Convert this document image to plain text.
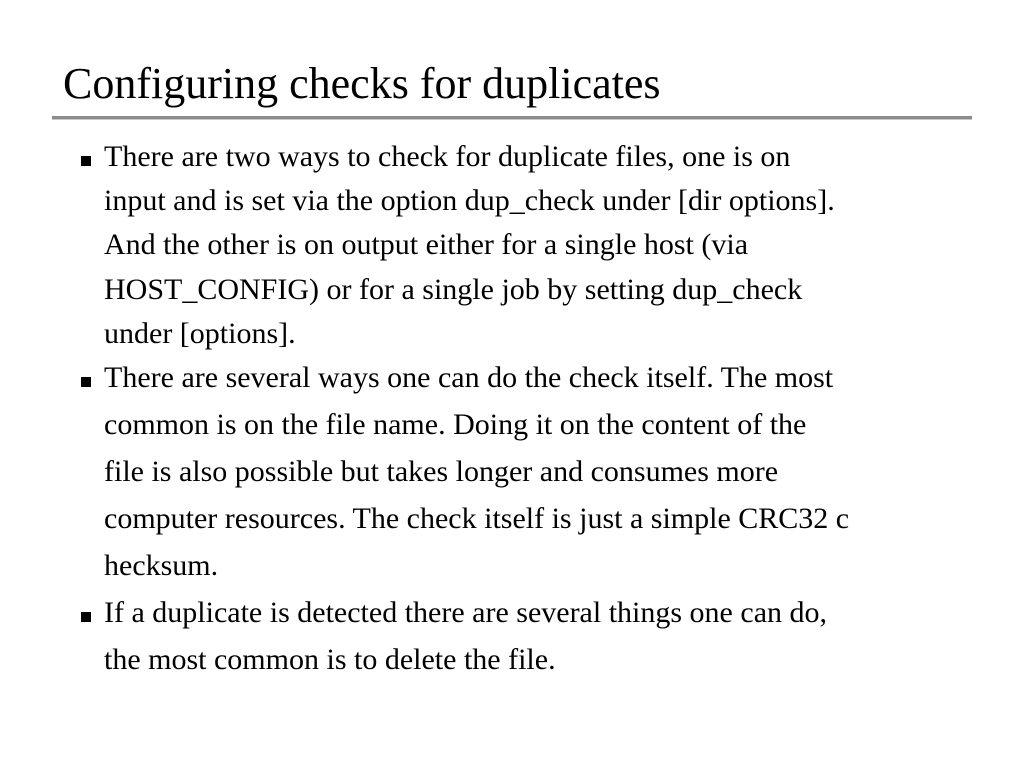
Configuring checks for duplicates
There are two ways to check for duplicate files, one is on
input and is set via the option dup_check under [dir options].
And the other is on output either for a single host (via
HOST_CONFIG) or for a single job by setting dup_check
under [options].
There are several ways one can do the check itself. The most
common is on the file name. Doing it on the content of the
file is also possible but takes longer and consumes more
computer resources. The check itself is just a simple CRC32 c
hecksum.
If a duplicate is detected there are several things one can do,
the most common is to delete the file.
